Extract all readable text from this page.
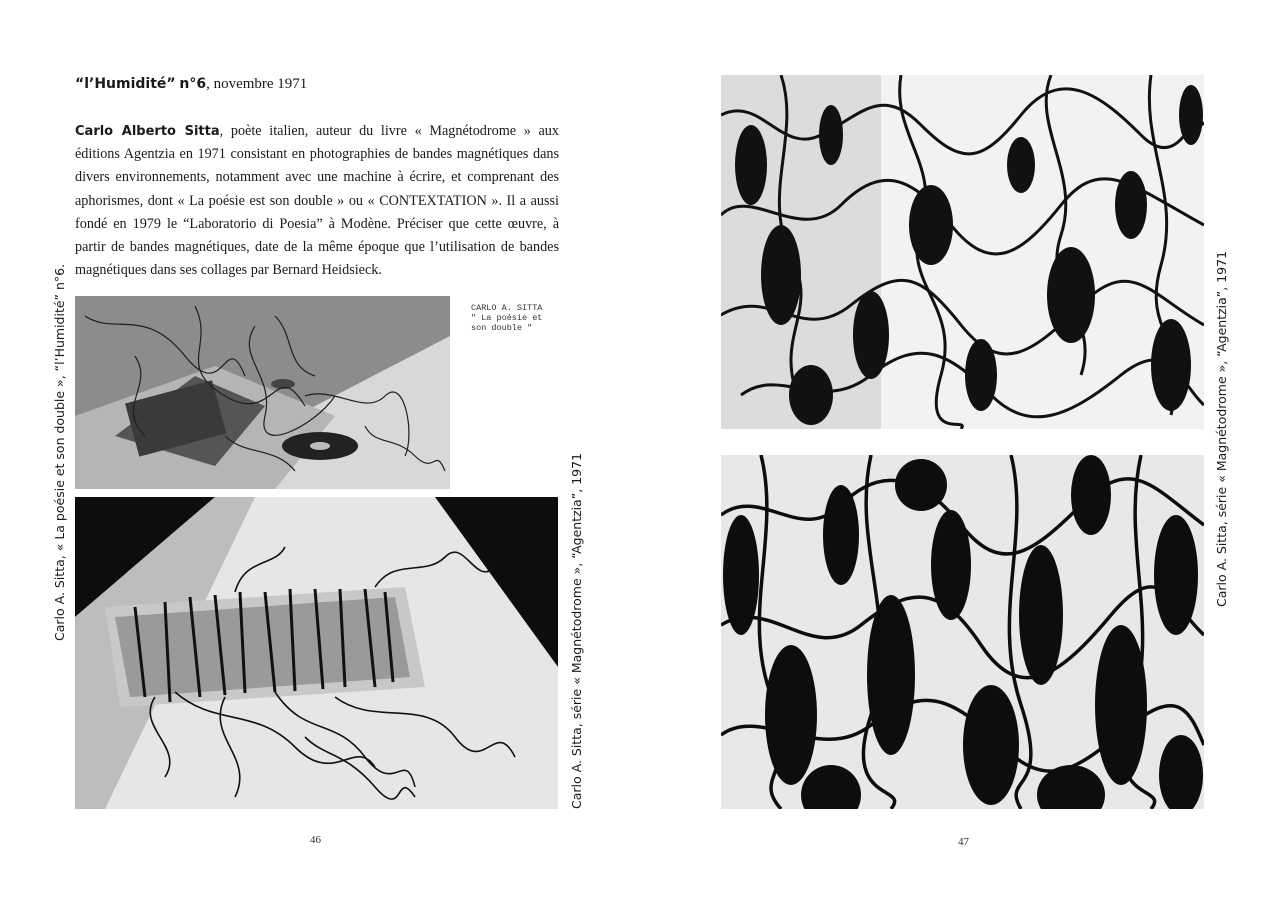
“l’Humidité” n°6, novembre 1971

Carlo Alberto Sitta, poète italien, auteur du livre « Magnétodrome » aux éditions Agentzia en 1971 consistant en photographies de bandes magnétiques dans divers environnements, notamment avec une machine à écrire, et comprenant des aphorismes, dont « La poésie est son double » ou « CONTEXTATION ». Il a aussi fondé en 1979 le “Laboratorio di Poesia” à Modène. Préciser que cette œuvre, à partir de bandes magnétiques, date de la même époque que l’utilisation de bandes magnétiques dans ses collages par Bernard Heidsieck.

CARLO A. SITTA
" La poésie et
son double "
Carlo A. Sitta, « La poésie et son double », “l’Humidité” n°6.	Carlo A. Sitta, série « Magnétodrome », “Agentzia”, 1971
46
Carlo A. Sitta, série « Magnétodrome », “Agentzia”, 1971
47
